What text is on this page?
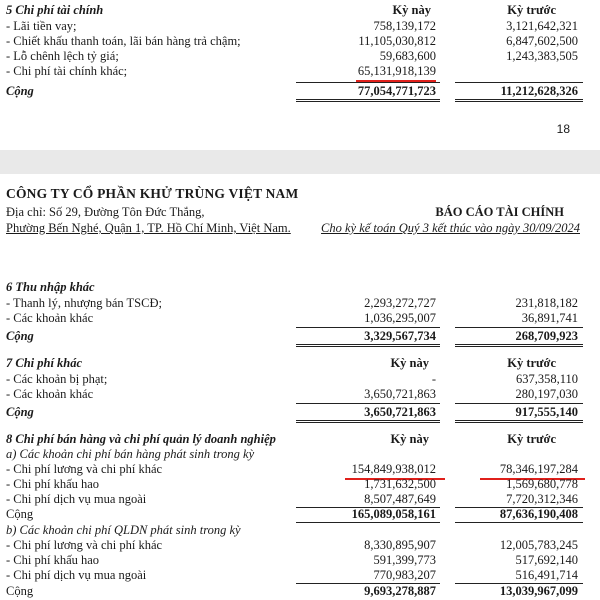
5 Chi phí tài chính	Kỳ này	Kỳ trước
- Lãi tiền vay;	758,139,172	3,121,642,321
- Chiết khấu thanh toán, lãi bán hàng trả chậm;	11,105,030,812	6,847,602,500
- Lỗ chênh lệch tỷ giá;	59,683,600	1,243,383,505
- Chi phí tài chính khác;	65,131,918,139
Cộng	77,054,771,723	11,212,628,326
18
CÔNG TY CỔ PHẦN KHỬ TRÙNG VIỆT NAM
Địa chỉ: Số 29, Đường Tôn Đức Thắng,
Phường Bến Nghé, Quận 1, TP. Hồ Chí Minh, Việt Nam.
BÁO CÁO TÀI CHÍNH
Cho kỳ kế toán Quý 3 kết thúc vào ngày 30/09/2024
6 Thu nhập khác
- Thanh lý, nhượng bán TSCĐ;	2,293,272,727	231,818,182
- Các khoản khác	1,036,295,007	36,891,741
Cộng	3,329,567,734	268,709,923
7 Chi phí khác	Kỳ này	Kỳ trước
- Các khoản bị phạt;	-	637,358,110
- Các khoản khác	3,650,721,863	280,197,030
Cộng	3,650,721,863	917,555,140
8 Chi phí bán hàng và chi phí quản lý doanh nghiệp	Kỳ này	Kỳ trước
a) Các khoản chi phí bán hàng phát sinh trong kỳ
- Chi phí lương và chi phí khác	154,849,938,012	78,346,197,284
- Chi phí khấu hao	1,731,632,500	1,569,680,778
- Chi phí dịch vụ mua ngoài	8,507,487,649	7,720,312,346
Cộng	165,089,058,161	87,636,190,408
b) Các khoản chi phí QLDN phát sinh trong kỳ
- Chi phí lương và chi phí khác	8,330,895,907	12,005,783,245
- Chi phí khấu hao	591,399,773	517,692,140
- Chi phí dịch vụ mua ngoài	770,983,207	516,491,714
Cộng	9,693,278,887	13,039,967,099
